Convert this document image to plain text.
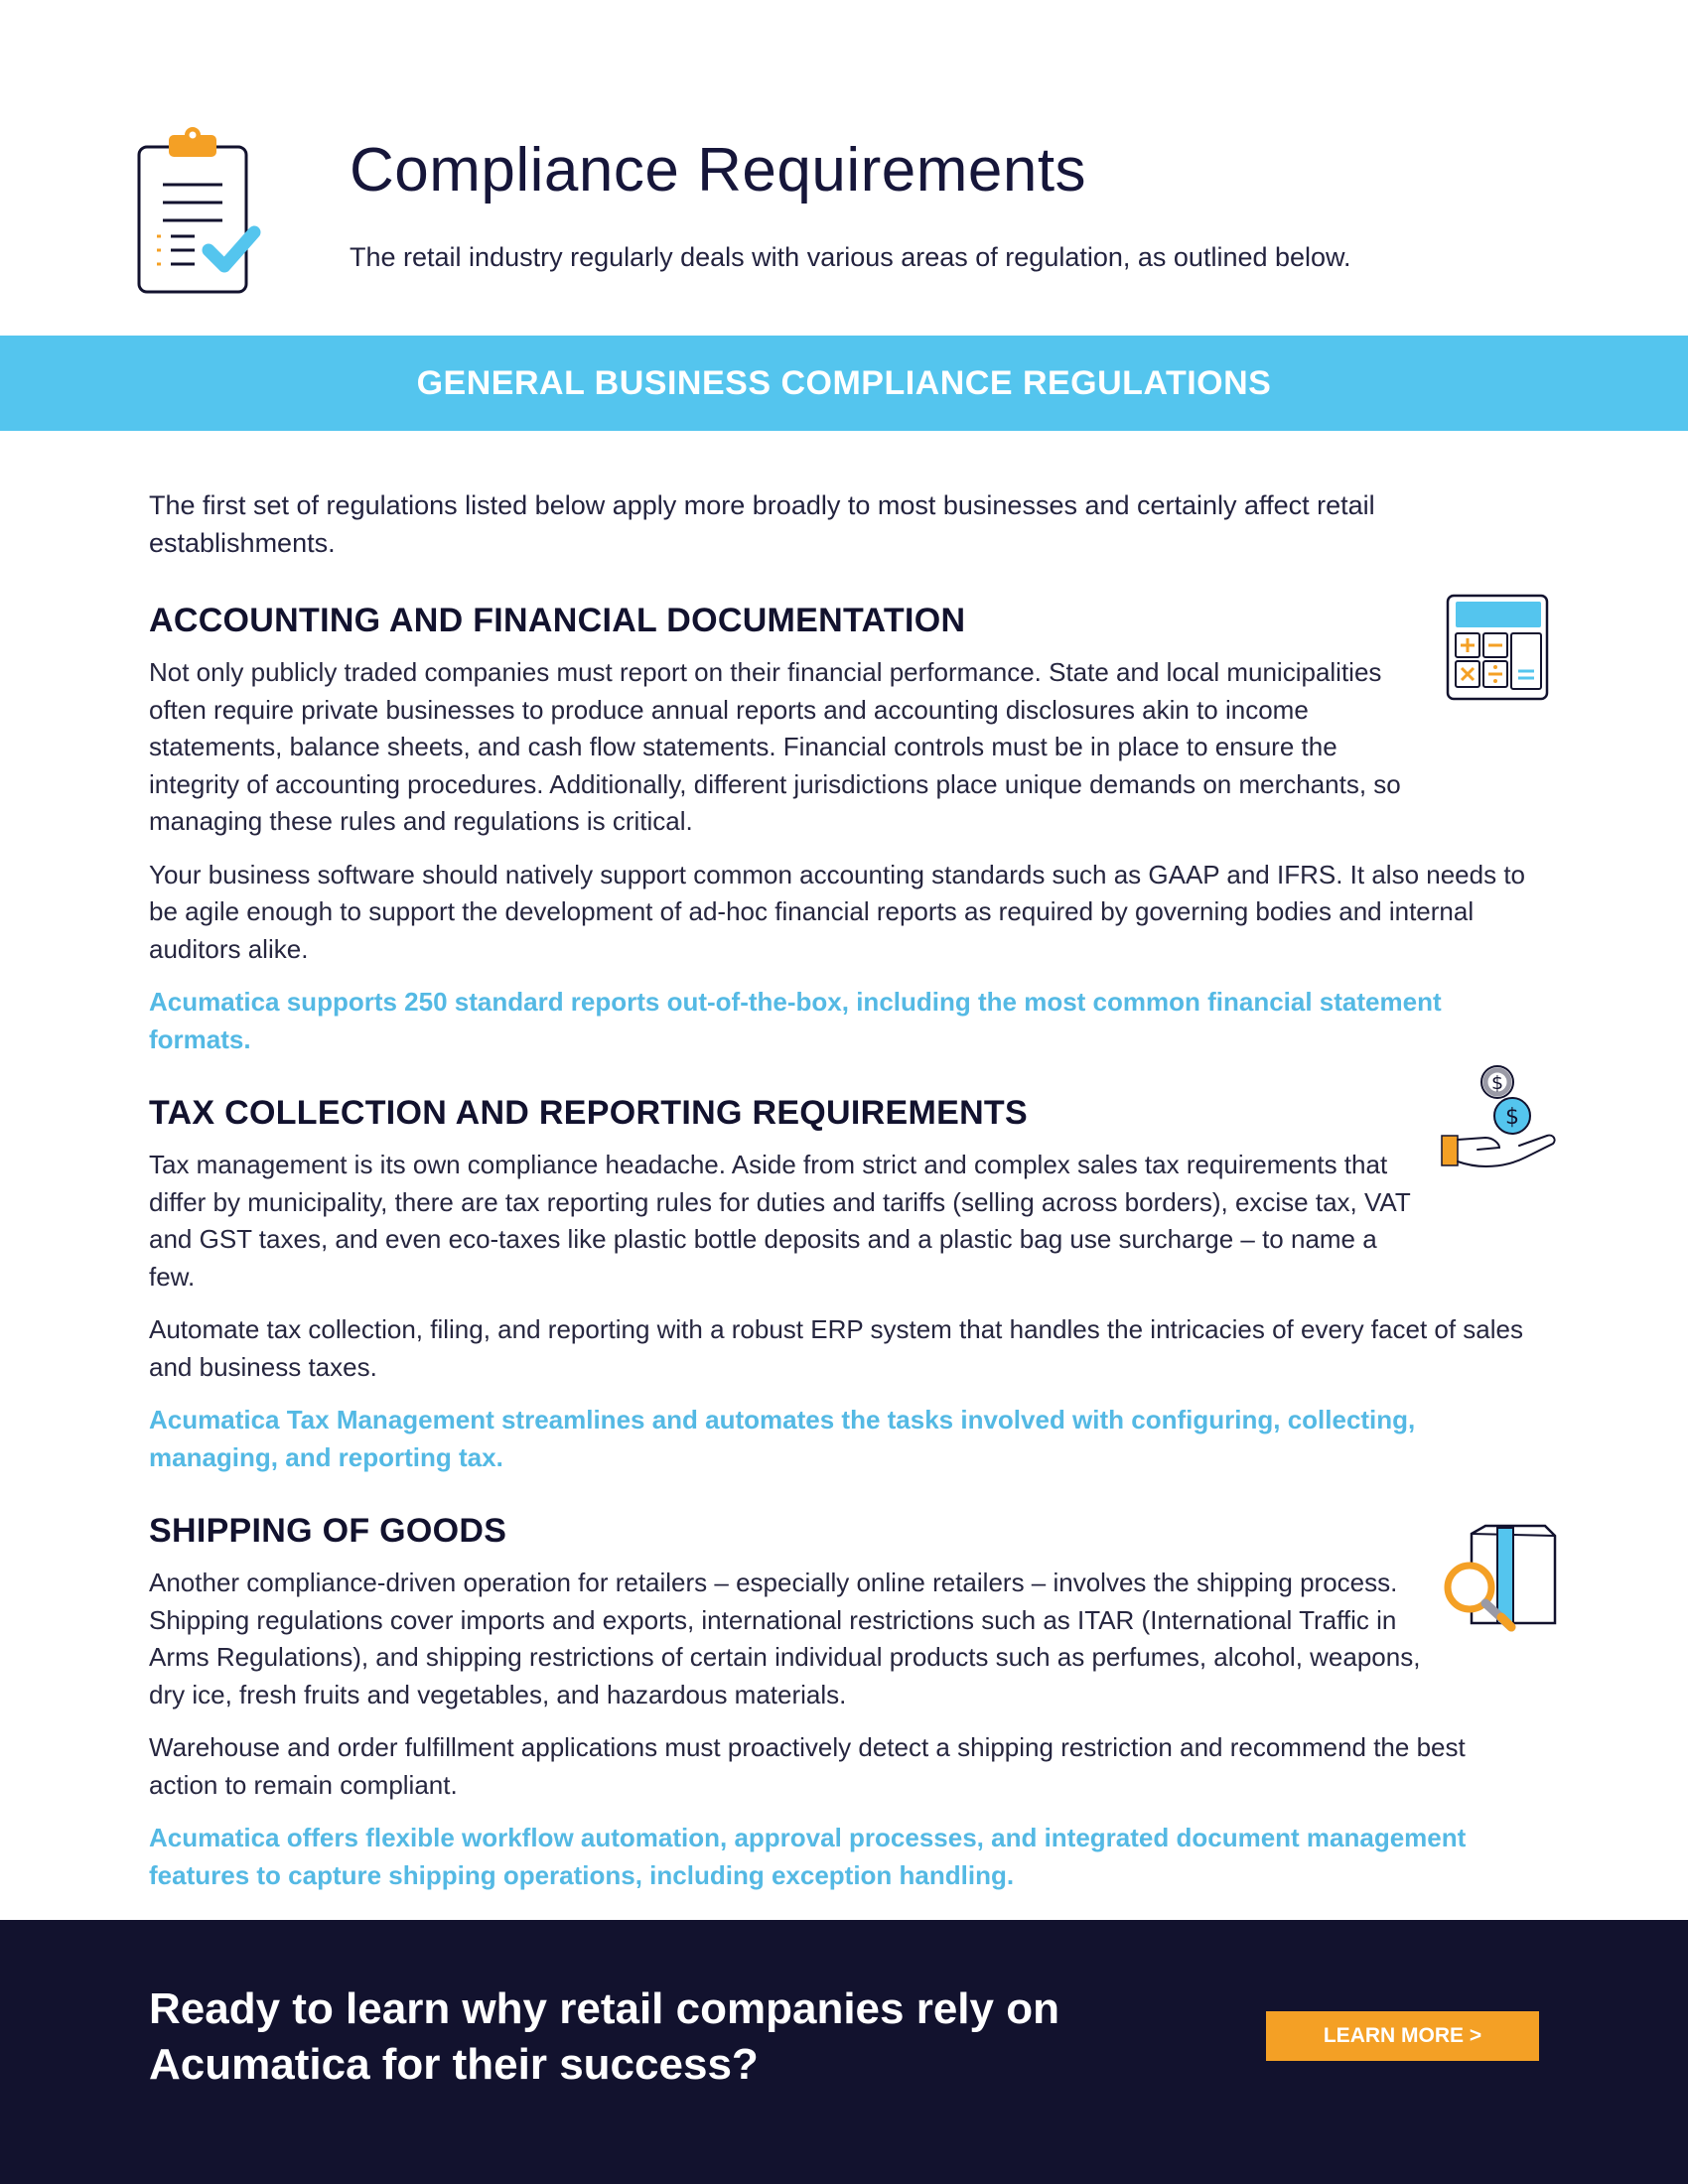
Compliance Requirements

The retail industry regularly deals with various areas of regulation, as outlined below.

GENERAL BUSINESS COMPLIANCE REGULATIONS

The first set of regulations listed below apply more broadly to most businesses and certainly affect retail establishments.

ACCOUNTING AND FINANCIAL DOCUMENTATION

Not only publicly traded companies must report on their financial performance. State and local municipalities often require private businesses to produce annual reports and accounting disclosures akin to income statements, balance sheets, and cash flow statements. Financial controls must be in place to ensure the integrity of accounting procedures. Additionally, different jurisdictions place unique demands on merchants, so managing these rules and regulations is critical.

Your business software should natively support common accounting standards such as GAAP and IFRS. It also needs to be agile enough to support the development of ad-hoc financial reports as required by governing bodies and internal auditors alike.

Acumatica supports 250 standard reports out-of-the-box, including the most common financial statement formats.

TAX COLLECTION AND REPORTING REQUIREMENTS
$
$

Tax management is its own compliance headache. Aside from strict and complex sales tax requirements that differ by municipality, there are tax reporting rules for duties and tariffs (selling across borders), excise tax, VAT and GST taxes, and even eco-taxes like plastic bottle deposits and a plastic bag use surcharge – to name a few.

Automate tax collection, filing, and reporting with a robust ERP system that handles the intricacies of every facet of sales and business taxes.

Acumatica Tax Management streamlines and automates the tasks involved with configuring, collecting, managing, and reporting tax.

SHIPPING OF GOODS

Another compliance-driven operation for retailers – especially online retailers – involves the shipping process. Shipping regulations cover imports and exports, international restrictions such as ITAR (International Traffic in Arms Regulations), and shipping restrictions of certain individual products such as perfumes, alcohol, weapons, dry ice, fresh fruits and vegetables, and hazardous materials.

Warehouse and order fulfillment applications must proactively detect a shipping restriction and recommend the best action to remain compliant.

Acumatica offers flexible workflow automation, approval processes, and integrated document management features to capture shipping operations, including exception handling.

Ready to learn why retail companies rely on Acumatica for their success?

LEARN MORE >
